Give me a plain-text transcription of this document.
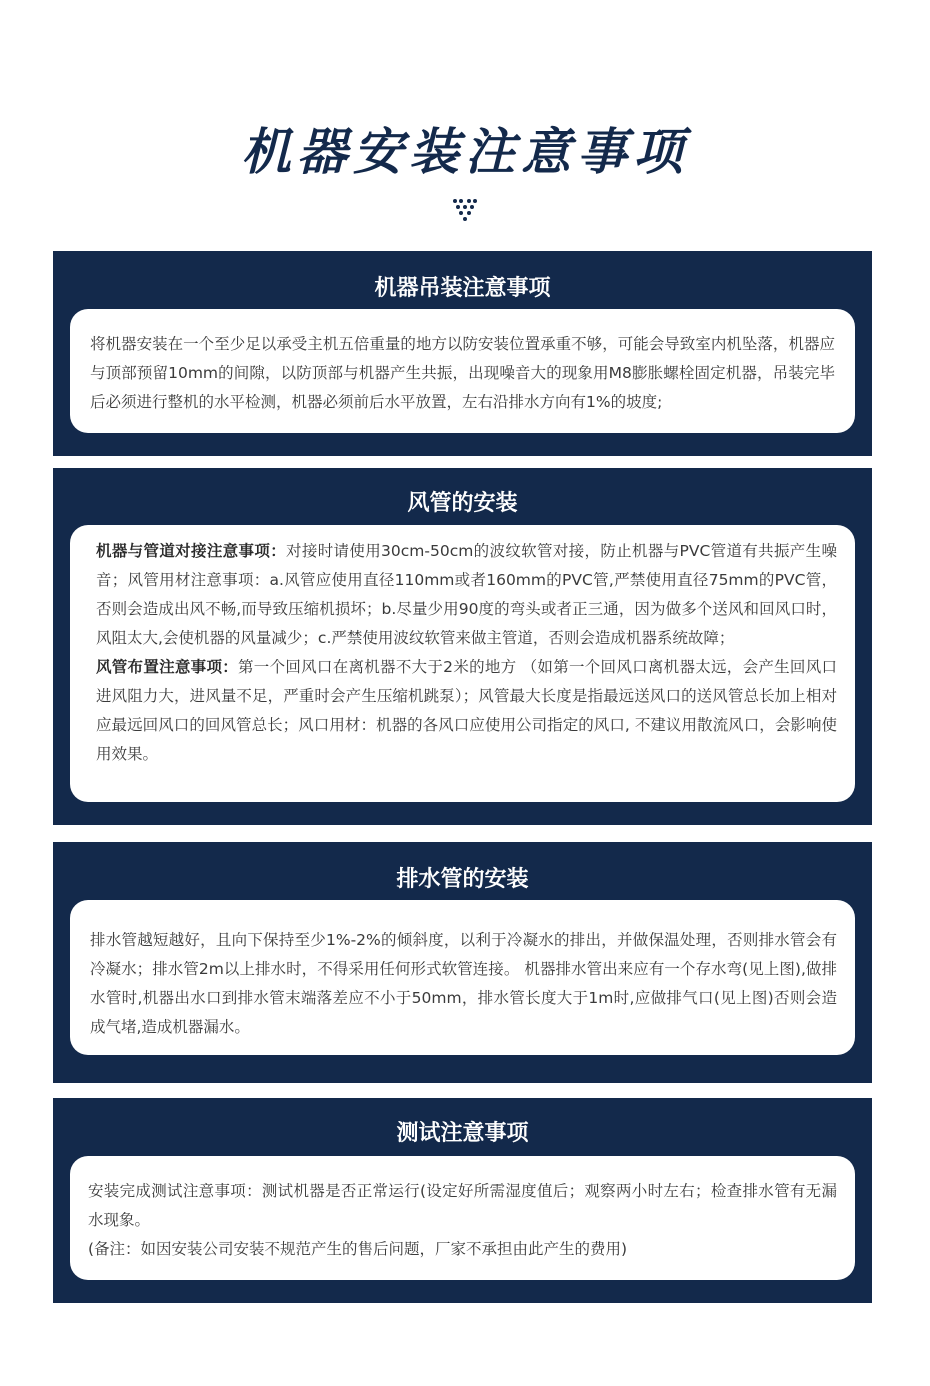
机器安装注意事项
机器吊装注意事项

将机器安装在一个至少足以承受主机五倍重量的地方以防安装位置承重不够，可能会导致室内机坠落，机器应与顶部预留10mm的间隙，以防顶部与机器产生共振，出现噪音大的现象用M8膨胀螺栓固定机器，吊装完毕后必须进行整机的水平检测，机器必须前后水平放置，左右沿排水方向有1%的坡度;

风管的安装

机器与管道对接注意事项：对接时请使用30cm-50cm的波纹软管对接，防止机器与PVC管道有共振产生噪音；风管用材注意事项：a.风管应使用直径110mm或者160mm的PVC管,严禁使用直径75mm的PVC管，否则会造成出风不畅,而导致压缩机损坏；b.尽量少用90度的弯头或者正三通，因为做多个送风和回风口时，风阻太大,会使机器的风量减少；c.严禁使用波纹软管来做主管道，否则会造成机器系统故障；

风管布置注意事项：第一个回风口在离机器不大于2米的地方 （如第一个回风口离机器太远，会产生回风口进风阻力大，进风量不足，严重时会产生压缩机跳泵）；风管最大长度是指最远送风口的送风管总长加上相对应最远回风口的回风管总长；风口用材：机器的各风口应使用公司指定的风口, 不建议用散流风口，会影响使用效果。

排水管的安装

排水管越短越好，且向下保持至少1%-2%的倾斜度，以利于冷凝水的排出，并做保温处理，否则排水管会有冷凝水；排水管2m以上排水时，不得采用任何形式软管连接。 机器排水管出来应有一个存水弯(见上图),做排水管时,机器出水口到排水管末端落差应不小于50mm，排水管长度大于1m时,应做排气口(见上图)否则会造成气堵,造成机器漏水。

测试注意事项

安装完成测试注意事项：测试机器是否正常运行(设定好所需湿度值后；观察两小时左右；检查排水管有无漏水现象。

(备注：如因安装公司安装不规范产生的售后问题，厂家不承担由此产生的费用)
